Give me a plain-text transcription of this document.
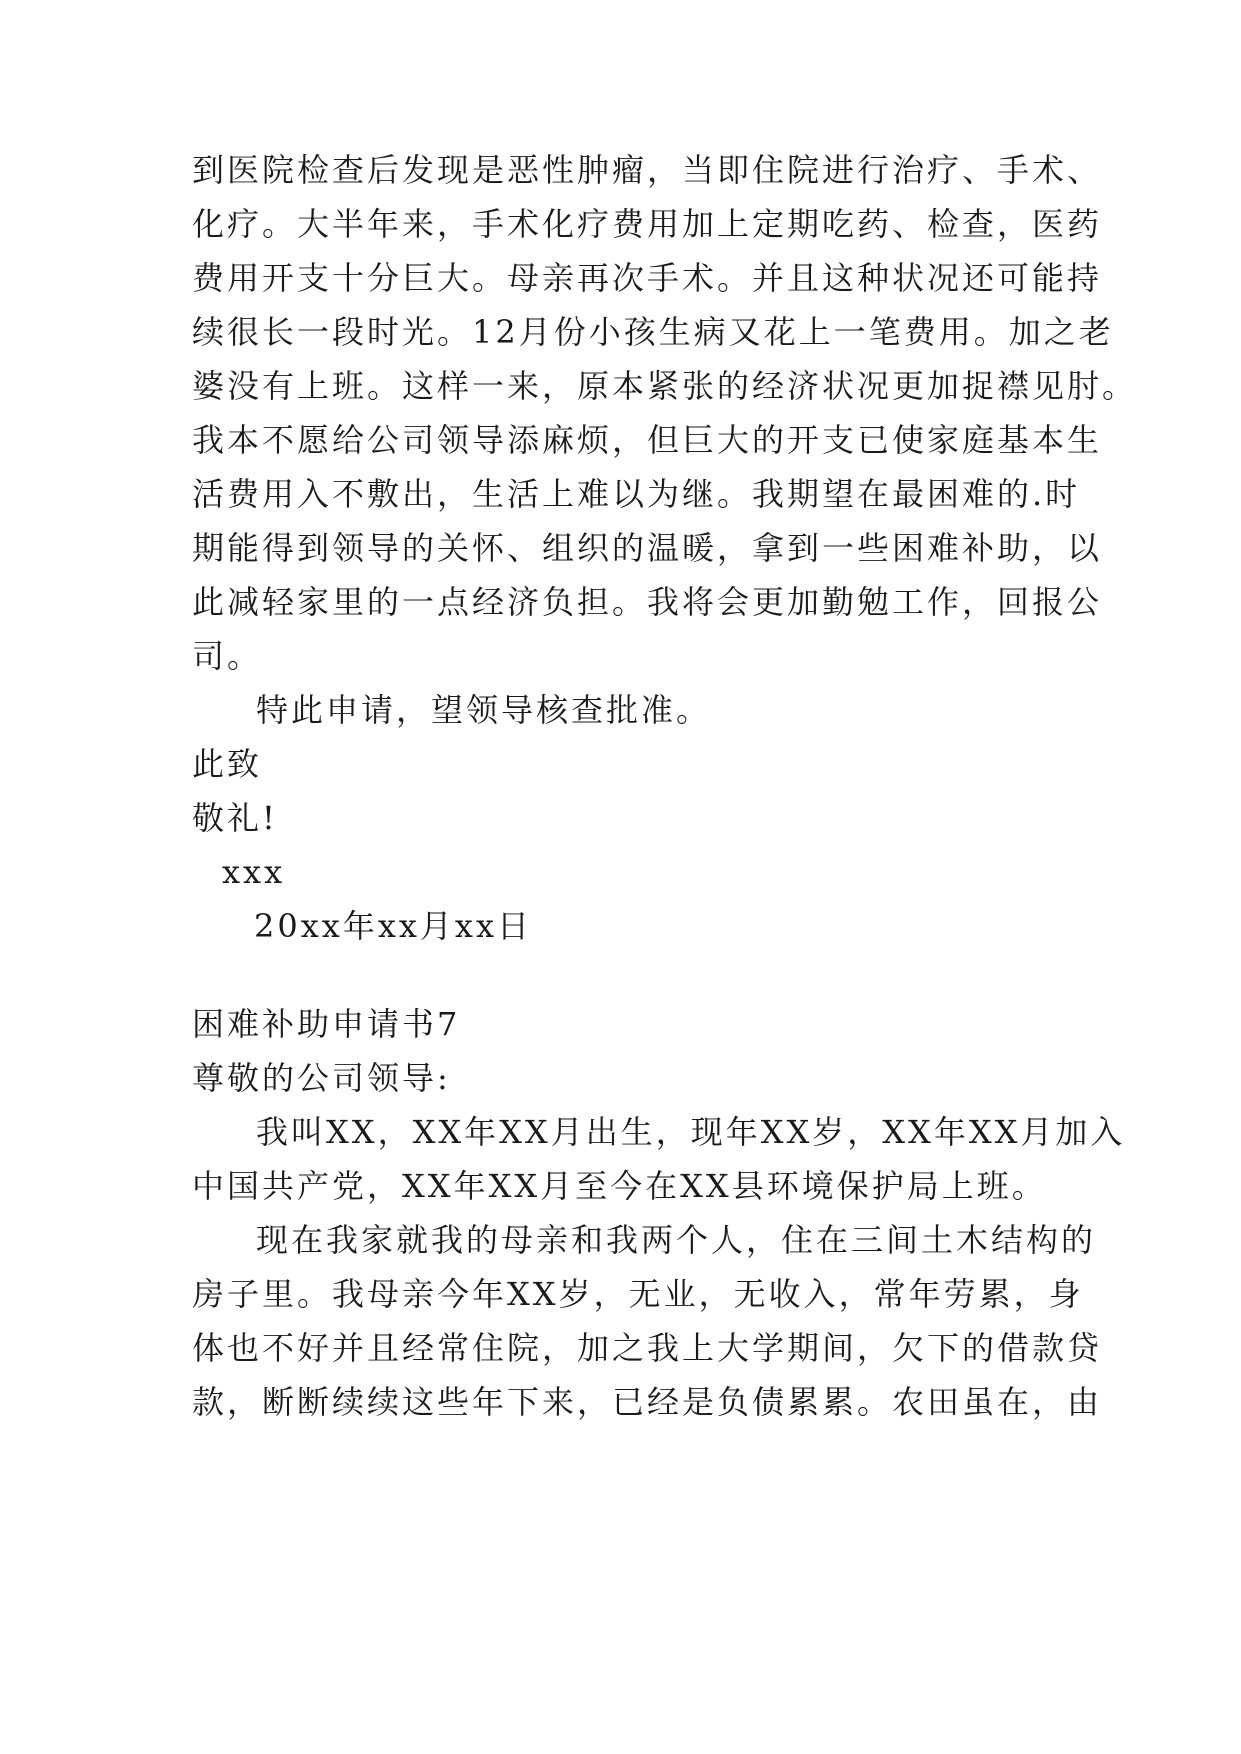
到医院检查后发现是恶性肿瘤，当即住院进行治疗、手术、
化疗。大半年来，手术化疗费用加上定期吃药、检查，医药
费用开支十分巨大。母亲再次手术。并且这种状况还可能持
续很长一段时光。12月份小孩生病又花上一笔费用。加之老
婆没有上班。这样一来，原本紧张的经济状况更加捉襟见肘。
我本不愿给公司领导添麻烦，但巨大的开支已使家庭基本生
活费用入不敷出，生活上难以为继。我期望在最困难的.时
期能得到领导的关怀、组织的温暖，拿到一些困难补助，以
此减轻家里的一点经济负担。我将会更加勤勉工作，回报公
司。
特此申请，望领导核查批准。
此致
敬礼!
xxx
20xx年xx月xx日
困难补助申请书7
尊敬的公司领导:
我叫XX，XX年XX月出生，现年XX岁，XX年XX月加入
中国共产党，XX年XX月至今在XX县环境保护局上班。
现在我家就我的母亲和我两个人，住在三间土木结构的
房子里。我母亲今年XX岁，无业，无收入，常年劳累，身
体也不好并且经常住院，加之我上大学期间，欠下的借款贷
款，断断续续这些年下来，已经是负债累累。农田虽在，由
